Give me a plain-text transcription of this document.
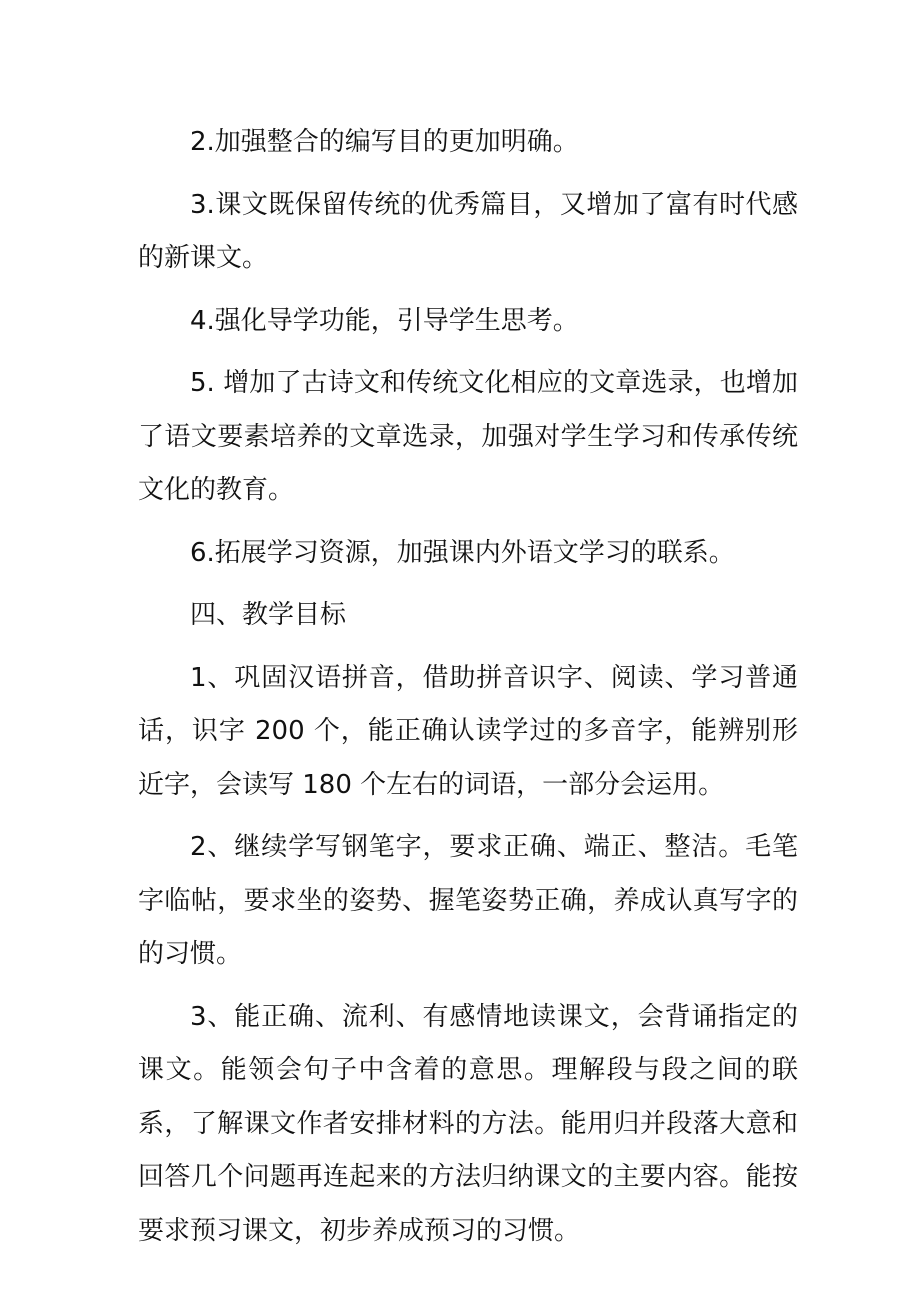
2.加强整合的编写目的更加明确。

3.课文既保留传统的优秀篇目，又增加了富有时代感的新课文。

4.强化导学功能，引导学生思考。

5. 增加了古诗文和传统文化相应的文章选录，也增加了语文要素培养的文章选录，加强对学生学习和传承传统文化的教育。

6.拓展学习资源，加强课内外语文学习的联系。

四、教学目标

1、巩固汉语拼音，借助拼音识字、阅读、学习普通话，识字 200 个，能正确认读学过的多音字，能辨别形近字，会读写 180 个左右的词语，一部分会运用。

2、继续学写钢笔字，要求正确、端正、整洁。毛笔字临帖，要求坐的姿势、握笔姿势正确，养成认真写字的的习惯。

3、能正确、流利、有感情地读课文，会背诵指定的课文。能领会句子中含着的意思。理解段与段之间的联系，了解课文作者安排材料的方法。能用归并段落大意和回答几个问题再连起来的方法归纳课文的主要内容。能按要求预习课文，初步养成预习的习惯。
